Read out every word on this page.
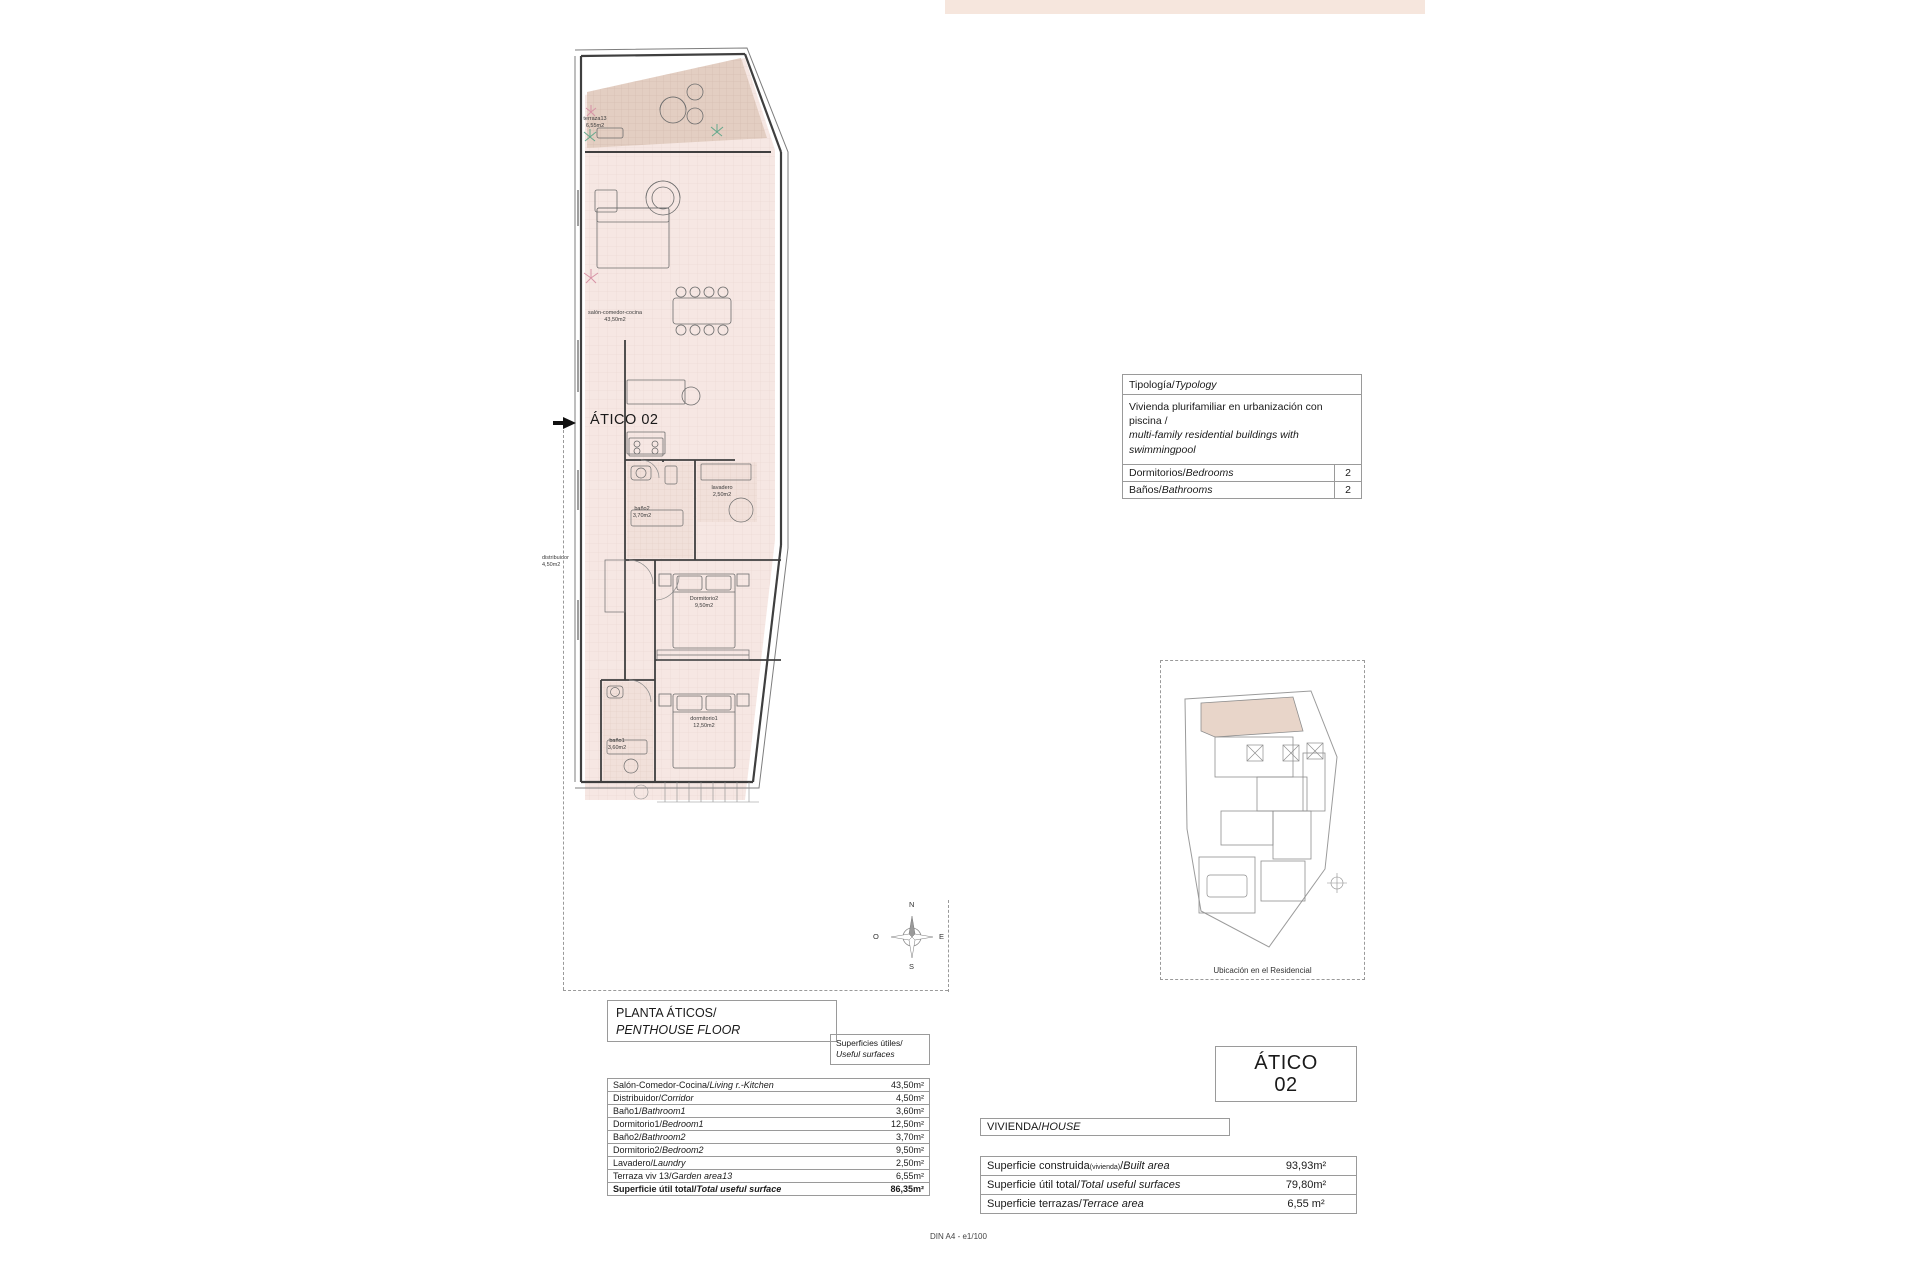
terraza13
6,55m2
salón-comedor-cocina
43,50m2
baño2
3,70m2
lavadero
2,50m2
distribuidor
4,50m2
Dormitorio2
9,50m2
dormitorio1
12,50m2
baño1
3,60m2
ÁTICO 02
N
S
E
O
Tipología/Typology
Vivienda plurifamiliar en urbanización con piscina /
multi-family residential buildings with swimmingpool
Dormitorios/Bedrooms	2
Baños/Bathrooms	2
Ubicación en el Residencial
ÁTICO
02
PLANTA ÁTICOS/
PENTHOUSE FLOOR
Superficies útiles/
Useful surfaces
Salón-Comedor-Cocina/Living r.-Kitchen	43,50m²
Distribuidor/Corridor	4,50m²
Baño1/Bathroom1	3,60m²
Dormitorio1/Bedroom1	12,50m²
Baño2/Bathroom2	3,70m²
Dormitorio2/Bedroom2	9,50m²
Lavadero/Laundry	2,50m²
Terraza viv 13/Garden area13	6,55m²
Superficie útil total/Total useful surface	86,35m²
DIN A4 - e1/100
VIVIENDA/HOUSE
Superficie construida(vivienda)/Built area	93,93m²
Superficie útil total/Total useful surfaces	79,80m²
Superficie terrazas/Terrace area	6,55 m²
